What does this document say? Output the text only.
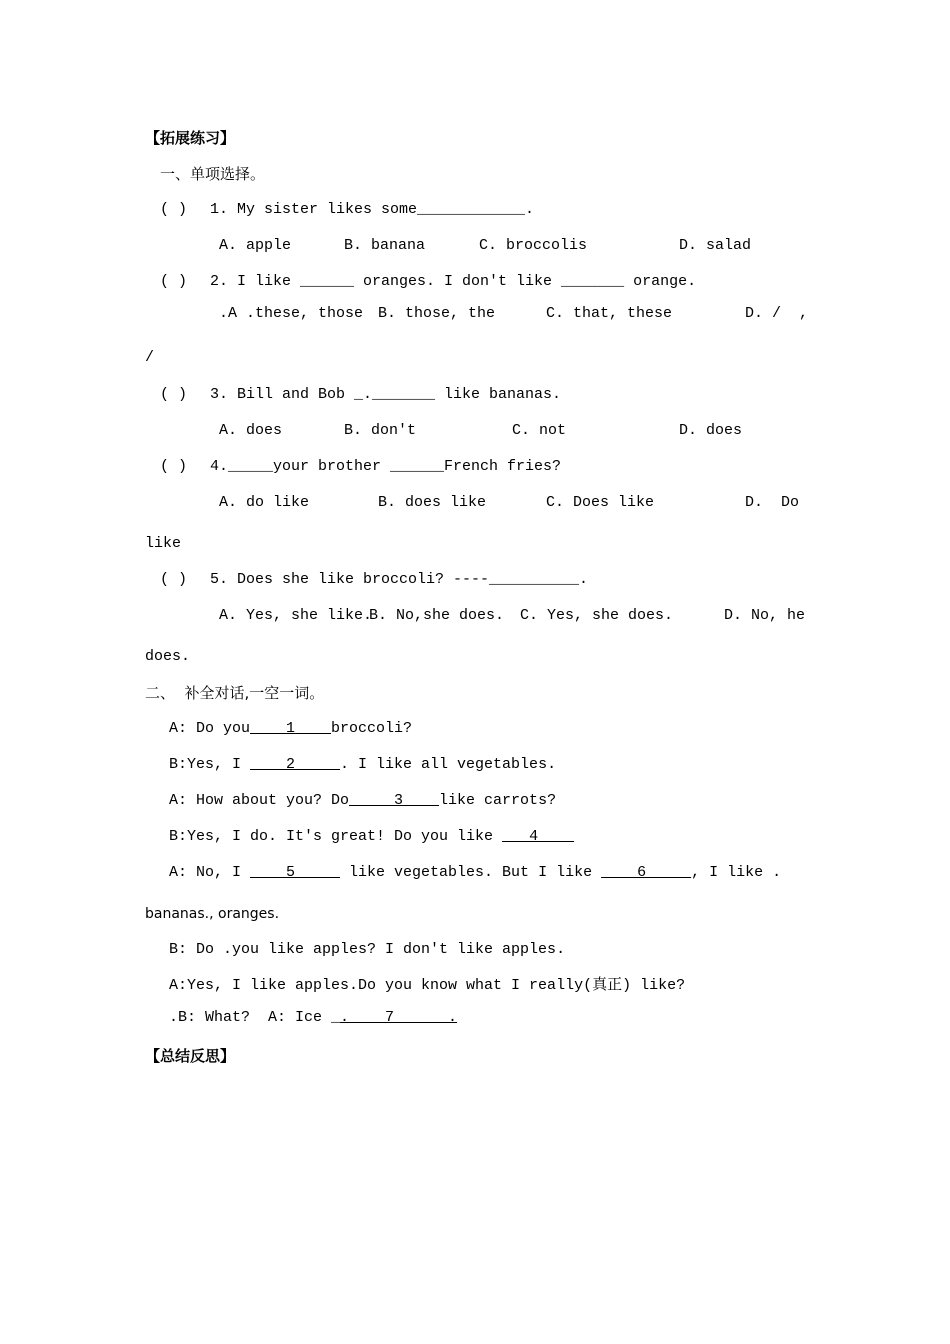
【拓展练习】
一、单项选择。
( ) 1. My sister likes some____________.
A. apple	B. banana	C. broccolis	D. salad
( ) 2. I like ______ oranges. I don't like _______ orange.
.A .these, those B. those, the	C. that, these	D. /  ,
/
( ) 3. Bill and Bob _._______ like bananas.
A. does	B. don't	C. not	D. does
( ) 4._____your brother ______French fries?
A. do like	B. does like	C. Does like	D.  Do
like
( ) 5. Does she like broccoli? ----__________.
A. Yes, she like.
B. No,she does. C. Yes, she does.	D. No, he
does.
二、  补全对话,一空一词。
A: Do you    1    broccoli?
B:Yes, I     2     . I like all vegetables.
A: How about you? Do     3    like carrots?
B:Yes, I do. It's great! Do you like    4
A: No, I     5      like vegetables. But I like     6     , I like .
bananas., oranges.
B: Do .you like apples? I don't like apples.
A:Yes, I like apples.Do you know what I really(真正) like?
.B: What?  A: Ice _.    7      .
【总结反思】
